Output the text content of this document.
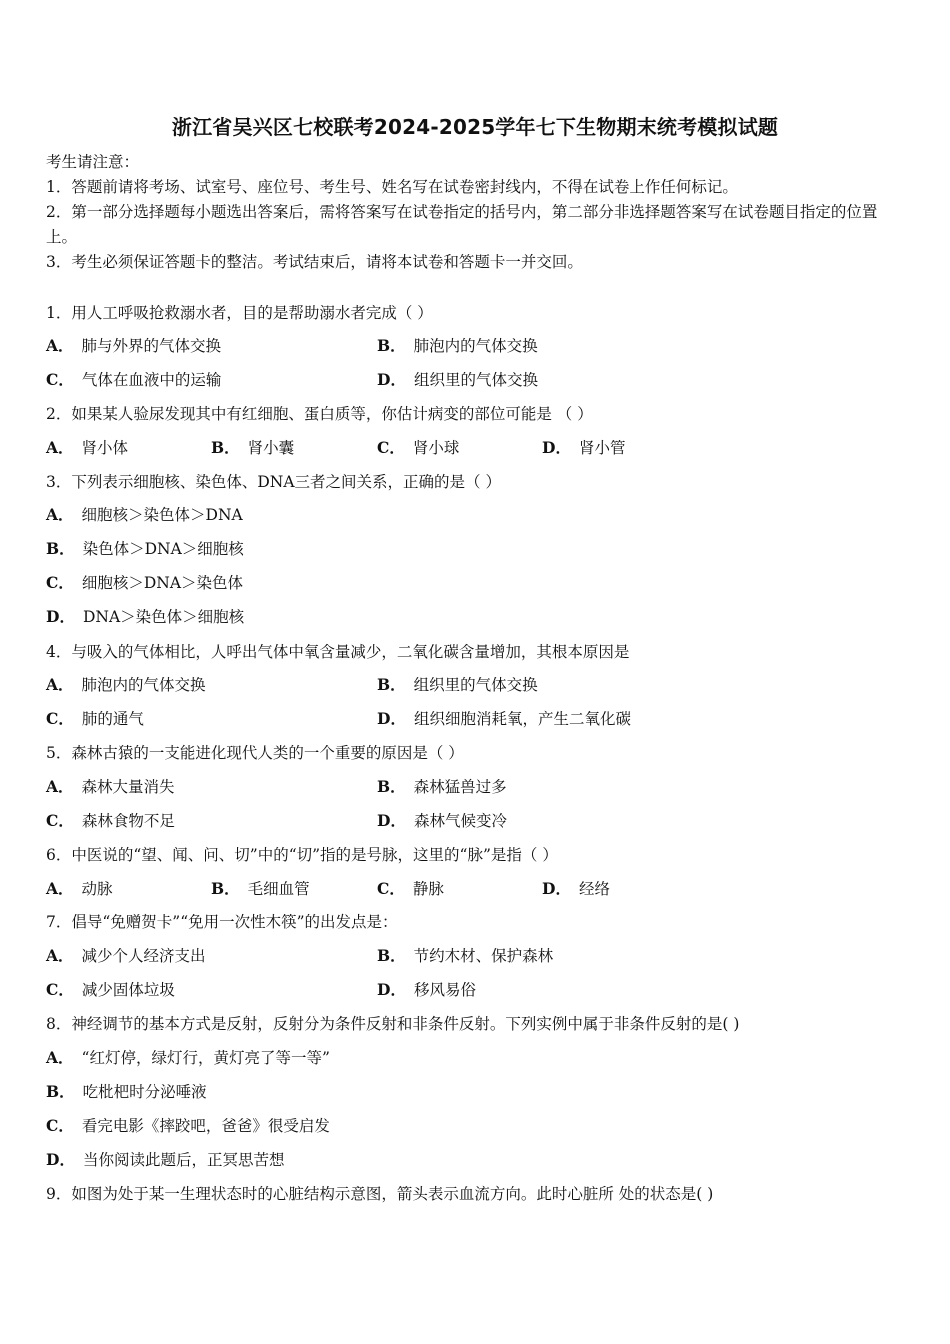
浙江省吴兴区七校联考2024-2025学年七下生物期末统考模拟试题
考生请注意：
1．答题前请将考场、试室号、座位号、考生号、姓名写在试卷密封线内，不得在试卷上作任何标记。
2．第一部分选择题每小题选出答案后，需将答案写在试卷指定的括号内，第二部分非选择题答案写在试卷题目指定的位置上。
3．考生必须保证答题卡的整洁。考试结束后，请将本试卷和答题卡一并交回。
1．用人工呼吸抢救溺水者，目的是帮助溺水者完成（ ）
A． 肺与外界的气体交换	B． 肺泡内的气体交换
C． 气体在血液中的运输	D． 组织里的气体交换
2．如果某人验尿发现其中有红细胞、蛋白质等，你估计病变的部位可能是 （ ）
A． 肾小体	B． 肾小囊	C． 肾小球	D． 肾小管
3．下列表示细胞核、染色体、DNA三者之间关系，正确的是（ ）
A． 细胞核＞染色体＞DNA
B． 染色体＞DNA＞细胞核
C． 细胞核＞DNA＞染色体
D． DNA＞染色体＞细胞核
4．与吸入的气体相比，人呼出气体中氧含量减少，二氧化碳含量增加，其根本原因是
A． 肺泡内的气体交换	B． 组织里的气体交换
C． 肺的通气	D． 组织细胞消耗氧，产生二氧化碳
5．森林古猿的一支能进化现代人类的一个重要的原因是（ ）
A． 森林大量消失	B． 森林猛兽过多
C． 森林食物不足	D． 森林气候变冷
6．中医说的“望、闻、问、切”中的“切”指的是号脉，这里的“脉”是指（ ）
A． 动脉	B． 毛细血管	C． 静脉	D． 经络
7．倡导“免赠贺卡”“免用一次性木筷”的出发点是：
A． 减少个人经济支出	B． 节约木材、保护森林
C． 减少固体垃圾	D． 移风易俗
8．神经调节的基本方式是反射，反射分为条件反射和非条件反射。下列实例中属于非条件反射的是( )
A． “红灯停，绿灯行，黄灯亮了等一等”
B． 吃枇杷时分泌唾液
C． 看完电影《摔跤吧，爸爸》很受启发
D． 当你阅读此题后，正冥思苦想
9．如图为处于某一生理状态时的心脏结构示意图，箭头表示血流方向。此时心脏所 处的状态是( )
